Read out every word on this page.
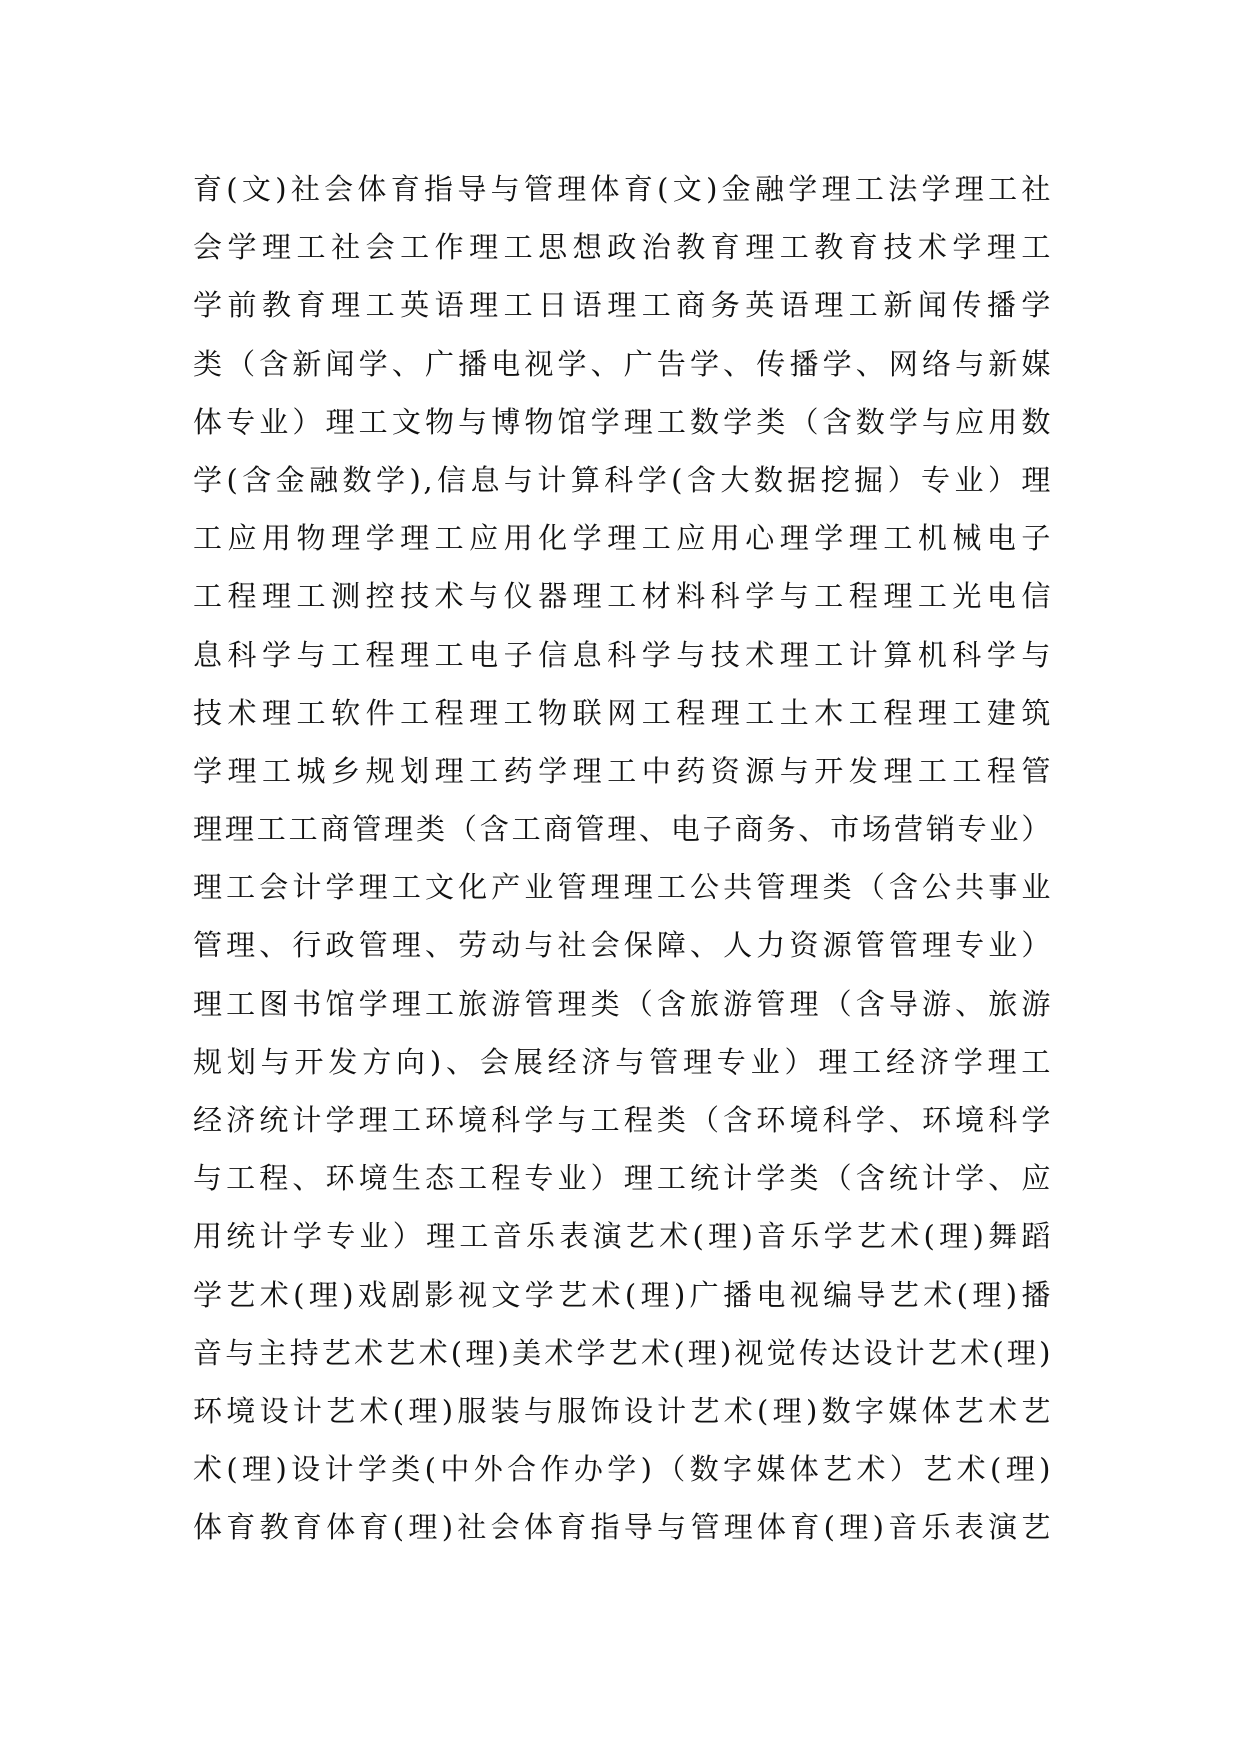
育(文)社会体育指导与管理体育(文)金融学理工法学理工社
会学理工社会工作理工思想政治教育理工教育技术学理工
学前教育理工英语理工日语理工商务英语理工新闻传播学
类（含新闻学、广播电视学、广告学、传播学、网络与新媒
体专业）理工文物与博物馆学理工数学类（含数学与应用数
学(含金融数学),信息与计算科学(含大数据挖掘）专业）理
工应用物理学理工应用化学理工应用心理学理工机械电子
工程理工测控技术与仪器理工材料科学与工程理工光电信
息科学与工程理工电子信息科学与技术理工计算机科学与
技术理工软件工程理工物联网工程理工土木工程理工建筑
学理工城乡规划理工药学理工中药资源与开发理工工程管
理理工工商管理类（含工商管理、电子商务、市场营销专业）
理工会计学理工文化产业管理理工公共管理类（含公共事业
管理、行政管理、劳动与社会保障、人力资源管管理专业）
理工图书馆学理工旅游管理类（含旅游管理（含导游、旅游
规划与开发方向)、会展经济与管理专业）理工经济学理工
经济统计学理工环境科学与工程类（含环境科学、环境科学
与工程、环境生态工程专业）理工统计学类（含统计学、应
用统计学专业）理工音乐表演艺术(理)音乐学艺术(理)舞蹈
学艺术(理)戏剧影视文学艺术(理)广播电视编导艺术(理)播
音与主持艺术艺术(理)美术学艺术(理)视觉传达设计艺术(理)
环境设计艺术(理)服装与服饰设计艺术(理)数字媒体艺术艺
术(理)设计学类(中外合作办学)（数字媒体艺术）艺术(理)
体育教育体育(理)社会体育指导与管理体育(理)音乐表演艺
